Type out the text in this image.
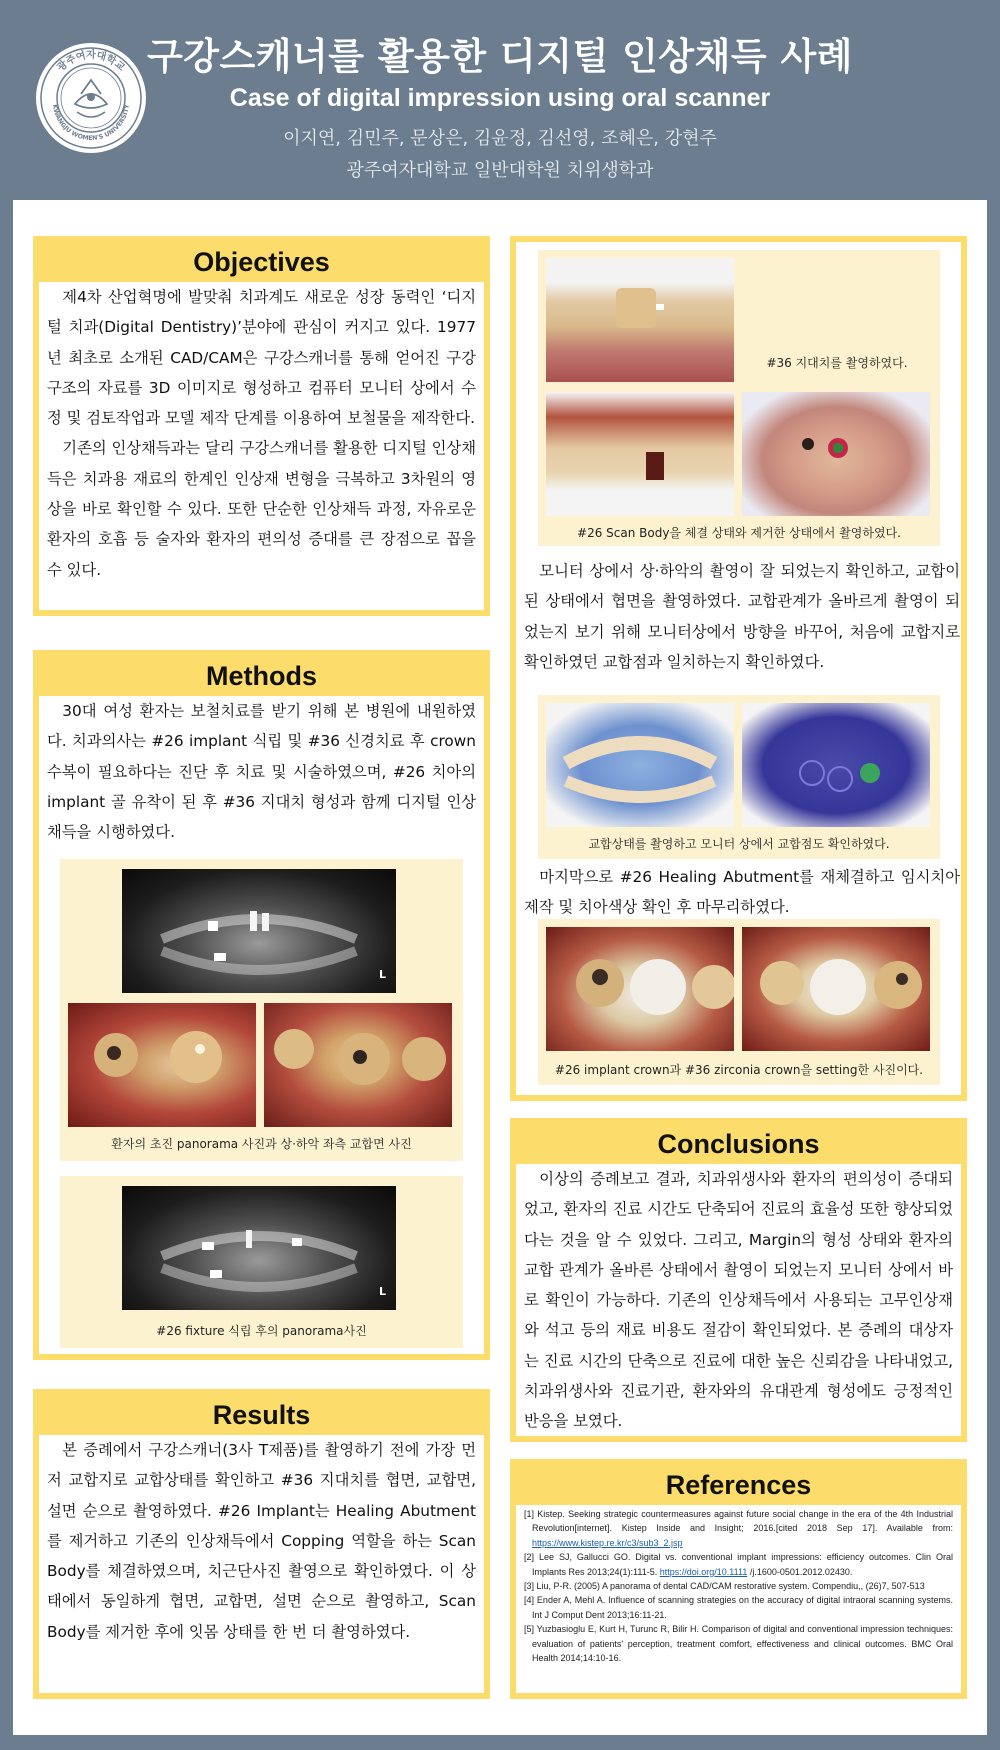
광주여자대학교
KWANGJU WOMEN'S UNIVERSITY
구강스캐너를 활용한 디지털 인상채득 사례
Case of digital impression using oral scanner
이지연, 김민주, 문상은, 김윤정, 김선영, 조혜은, 강현주
광주여자대학교 일반대학원 치위생학과
Objectives

제4차 산업혁명에 발맞춰 치과계도 새로운 성장 동력인 ‘디지털 치과(Digital Dentistry)’분야에 관심이 커지고 있다. 1977년 최초로 소개된 CAD/CAM은 구강스캐너를 통해 얻어진 구강구조의 자료를 3D 이미지로 형성하고 컴퓨터 모니터 상에서 수정 및 검토작업과 모델 제작 단계를 이용하여 보철물을 제작한다.

기존의 인상채득과는 달리 구강스캐너를 활용한 디지털 인상채득은 치과용 재료의 한계인 인상재 변형을 극복하고 3차원의 영상을 바로 확인할 수 있다. 또한 단순한 인상채득 과정, 자유로운 환자의 호흡 등 술자와 환자의 편의성 증대를 큰 장점으로 꼽을 수 있다.

Methods

30대 여성 환자는 보철치료를 받기 위해 본 병원에 내원하였다. 치과의사는 #26 implant 식립 및 #36 신경치료 후 crown 수복이 필요하다는 진단 후 치료 및 시술하였으며, #26 치아의 implant 골 유착이 된 후 #36 지대치 형성과 함께 디지털 인상채득을 시행하였다.

L
환자의 초진 panorama 사진과 상·하악 좌측 교합면 사진
L
#26 fixture 식립 후의 panorama사진
Results

본 증례에서 구강스캐너(3사 T제품)를 촬영하기 전에 가장 먼저 교합지로 교합상태를 확인하고 #36 지대치를 협면, 교합면, 설면 순으로 촬영하였다. #26 Implant는 Healing Abutment를 제거하고 기존의 인상채득에서 Copping 역할을 하는 Scan Body를 체결하였으며, 치근단사진 촬영으로 확인하였다. 이 상태에서 동일하게 협면, 교합면, 설면 순으로 촬영하고, Scan Body를 제거한 후에 잇몸 상태를 한 번 더 촬영하였다.

#36 지대치를 촬영하였다.
#26 Scan Body을 체결 상태와 제거한 상태에서 촬영하였다.

모니터 상에서 상·하악의 촬영이 잘 되었는지 확인하고, 교합이 된 상태에서 협면을 촬영하였다. 교합관계가 올바르게 촬영이 되었는지 보기 위해 모니터상에서 방향을 바꾸어, 처음에 교합지로 확인하였던 교합점과 일치하는지 확인하였다.

교합상태를 촬영하고 모니터 상에서 교합점도 확인하였다.

마지막으로 #26 Healing Abutment를 재체결하고 임시치아 제작 및 치아색상 확인 후 마무리하였다.

#26 implant crown과 #36 zirconia crown을 setting한 사진이다.
Conclusions

이상의 증례보고 결과, 치과위생사와 환자의 편의성이 증대되었고, 환자의 진료 시간도 단축되어 진료의 효율성 또한 향상되었다는 것을 알 수 있었다. 그리고, Margin의 형성 상태와 환자의 교합 관계가 올바른 상태에서 촬영이 되었는지 모니터 상에서 바로 확인이 가능하다. 기존의 인상채득에서 사용되는 고무인상재와 석고 등의 재료 비용도 절감이 확인되었다. 본 증례의 대상자는 진료 시간의 단축으로 진료에 대한 높은 신뢰감을 나타내었고, 치과위생사와 진료기관, 환자와의 유대관계 형성에도 긍정적인 반응을 보였다.

References
[1] Kistep. Seeking strategic countermeasures against future social change in the era of the 4th Industrial Revolution[internet]. Kistep Inside and Insight; 2016.[cited 2018 Sep 17]. Available from: https://www.kistep.re.kr/c3/sub3_2.jsp
[2] Lee SJ, Gallucci GO. Digital vs. conventional implant impressions: efficiency outcomes. Clin Oral Implants Res 2013;24(1):111-5. https://doi.org/10.1111 /j.1600-0501.2012.02430.
[3] Liu, P-R. (2005) A panorama of dental CAD/CAM restorative system. Compendiu,, (26)7, 507-513
[4] Ender A, Mehl A. Influence of scanning strategies on the accuracy of digital intraoral scanning systems. Int J Comput Dent 2013;16:11-21.
[5] Yuzbasioglu E, Kurt H, Turunc R, Bilir H. Comparison of digital and conventional impression techniques: evaluation of patients' perception, treatment comfort, effectiveness and clinical outcomes. BMC Oral Health 2014;14:10-16.
